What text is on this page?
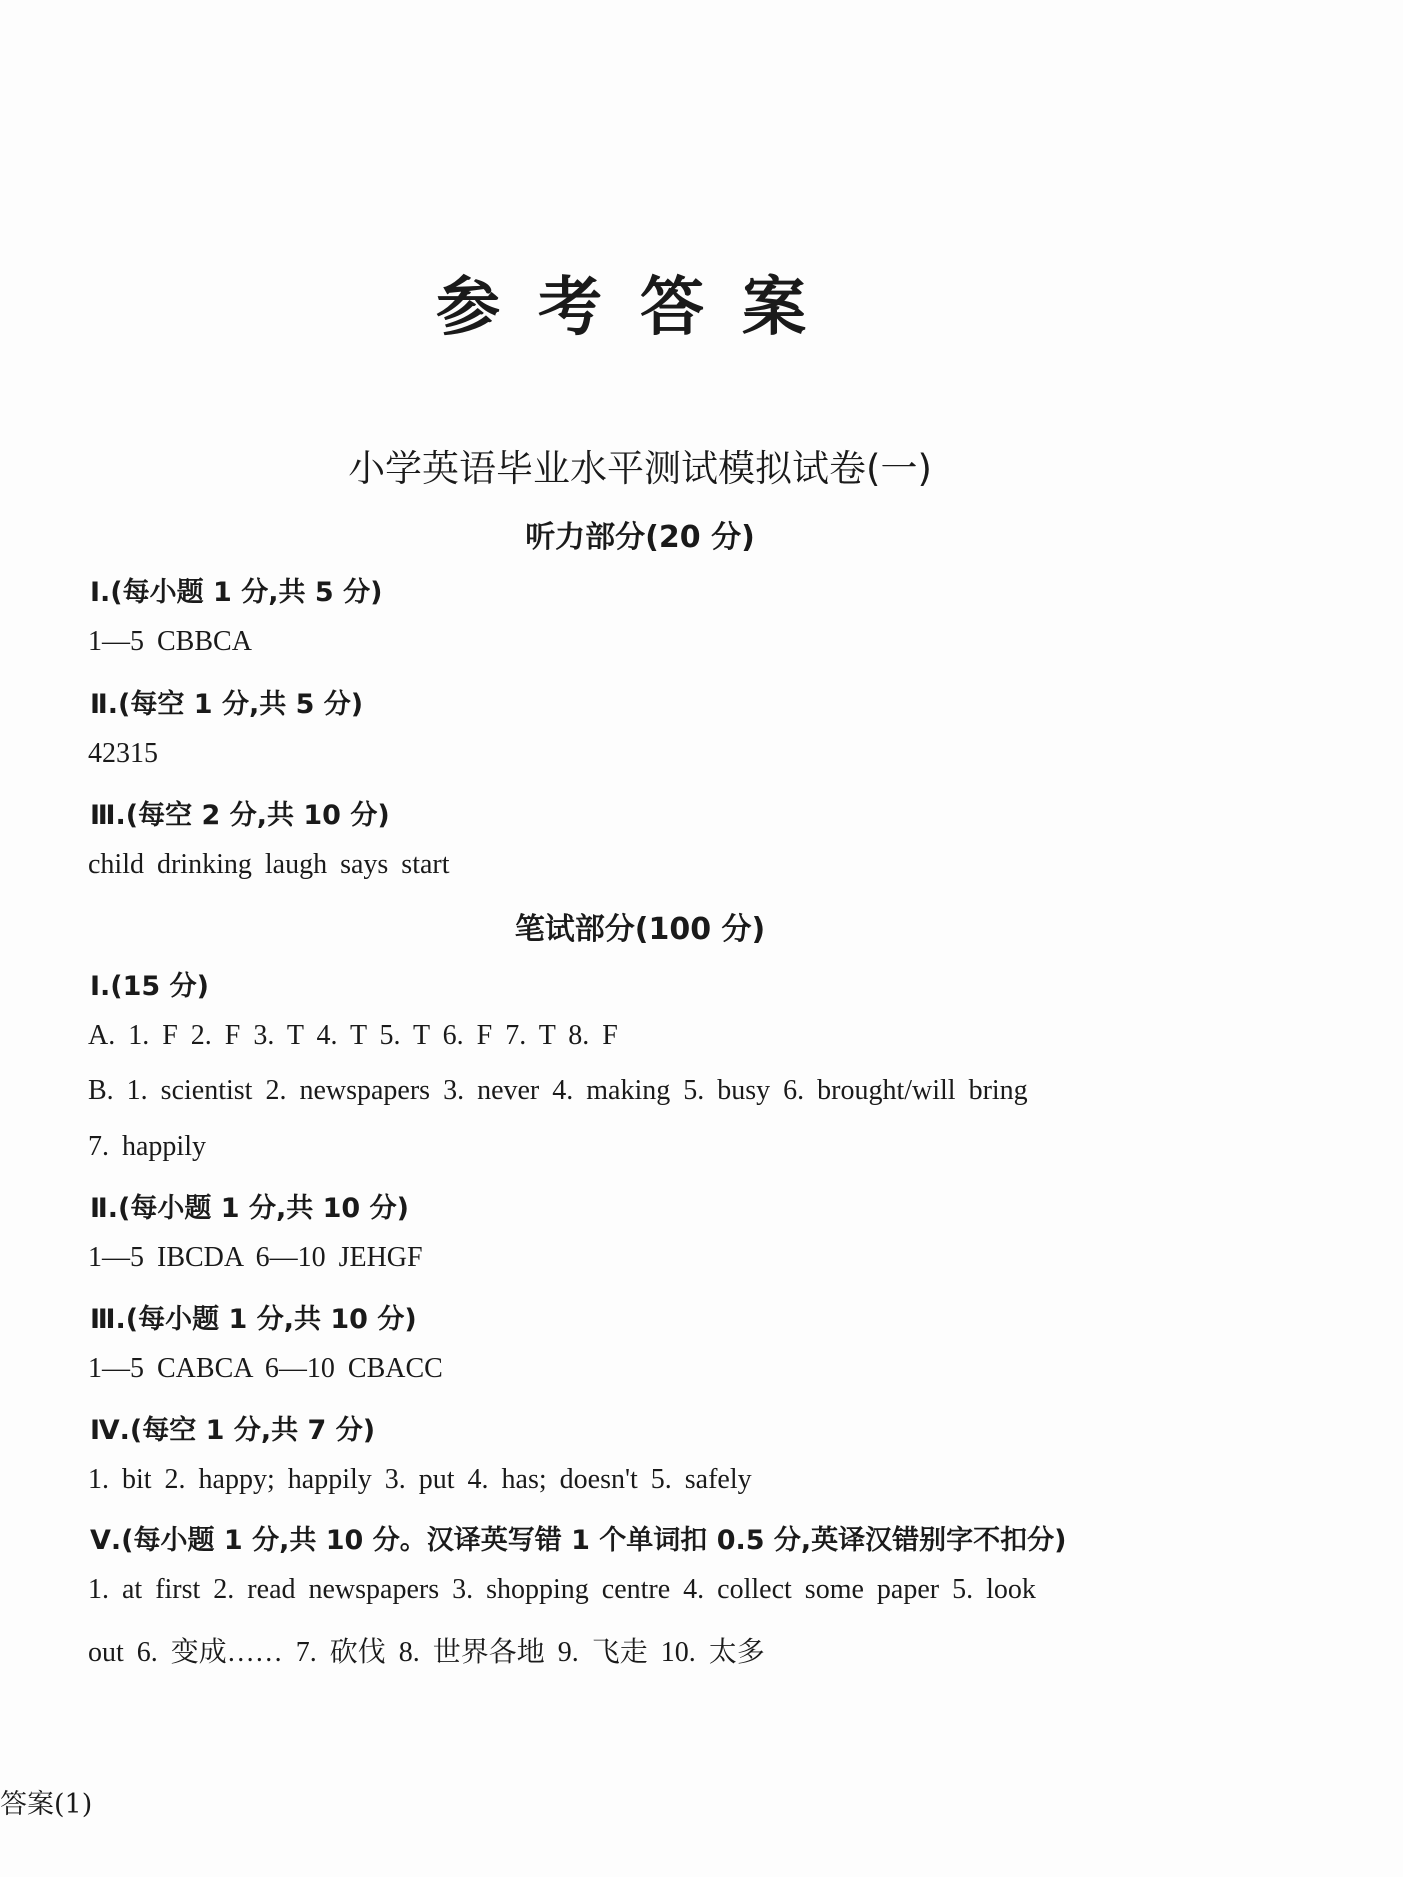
参考答案
小学英语毕业水平测试模拟试卷(一)
听力部分(20 分)
Ⅰ.(每小题 1 分,共 5 分)
1—5 CBBCA
Ⅱ.(每空 1 分,共 5 分)
42315
Ⅲ.(每空 2 分,共 10 分)
child drinking laugh says start
笔试部分(100 分)
Ⅰ.(15 分)
A. 1. F 2. F 3. T 4. T 5. T 6. F 7. T 8. F
B. 1. scientist 2. newspapers 3. never 4. making 5. busy 6. brought/will bring
7. happily
Ⅱ.(每小题 1 分,共 10 分)
1—5 IBCDA 6—10 JEHGF
Ⅲ.(每小题 1 分,共 10 分)
1—5 CABCA 6—10 CBACC
Ⅳ.(每空 1 分,共 7 分)
1. bit 2. happy; happily 3. put 4. has; doesn't 5. safely
Ⅴ.(每小题 1 分,共 10 分。汉译英写错 1 个单词扣 0.5 分,英译汉错别字不扣分)
1. at first 2. read newspapers 3. shopping centre 4. collect some paper 5. look
out 6. 变成…… 7. 砍伐 8. 世界各地 9. 飞走 10. 太多
答案(1)
